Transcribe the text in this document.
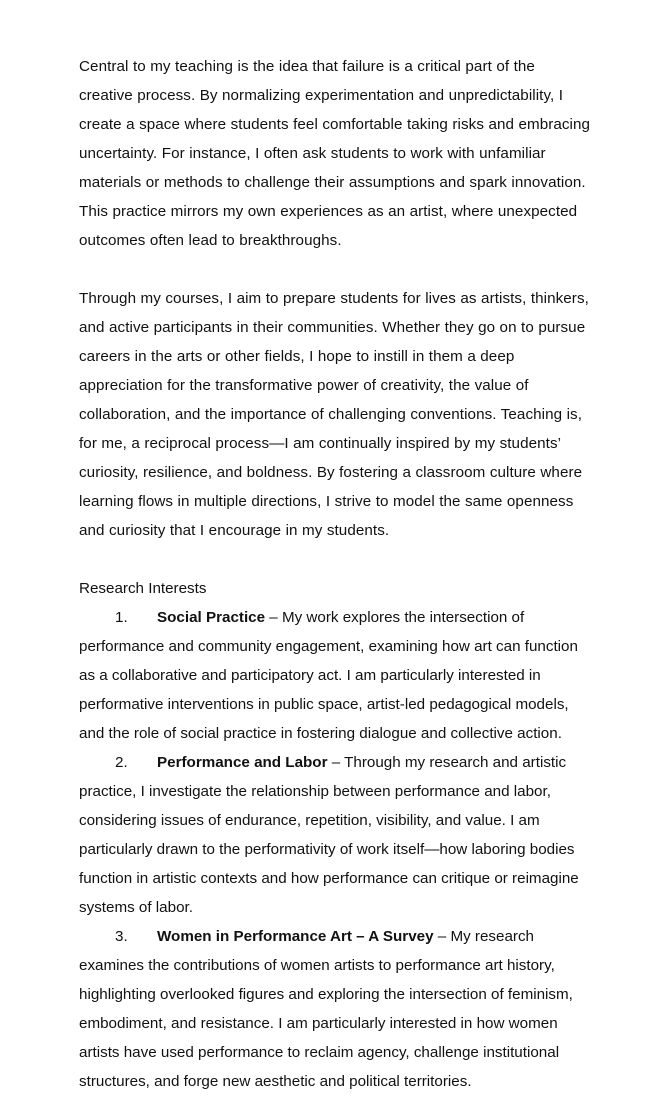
Central to my teaching is the idea that failure is a critical part of the creative process. By normalizing experimentation and unpredictability, I create a space where students feel comfortable taking risks and embracing uncertainty. For instance, I often ask students to work with unfamiliar materials or methods to challenge their assumptions and spark innovation. This practice mirrors my own experiences as an artist, where unexpected outcomes often lead to breakthroughs.

Through my courses, I aim to prepare students for lives as artists, thinkers, and active participants in their communities. Whether they go on to pursue careers in the arts or other fields, I hope to instill in them a deep appreciation for the transformative power of creativity, the value of collaboration, and the importance of challenging conventions. Teaching is, for me, a reciprocal process—I am continually inspired by my students’ curiosity, resilience, and boldness. By fostering a classroom culture where learning flows in multiple directions, I strive to model the same openness and curiosity that I encourage in my students.

Research Interests

1. Social Practice – My work explores the intersection of performance and community engagement, examining how art can function as a collaborative and participatory act. I am particularly interested in performative interventions in public space, artist-led pedagogical models, and the role of social practice in fostering dialogue and collective action.

2. Performance and Labor – Through my research and artistic practice, I investigate the relationship between performance and labor, considering issues of endurance, repetition, visibility, and value. I am particularly drawn to the performativity of work itself—how laboring bodies function in artistic contexts and how performance can critique or reimagine systems of labor.

3. Women in Performance Art – A Survey – My research examines the contributions of women artists to performance art history, highlighting overlooked figures and exploring the intersection of feminism, embodiment, and resistance. I am particularly interested in how women artists have used performance to reclaim agency, challenge institutional structures, and forge new aesthetic and political territories.
